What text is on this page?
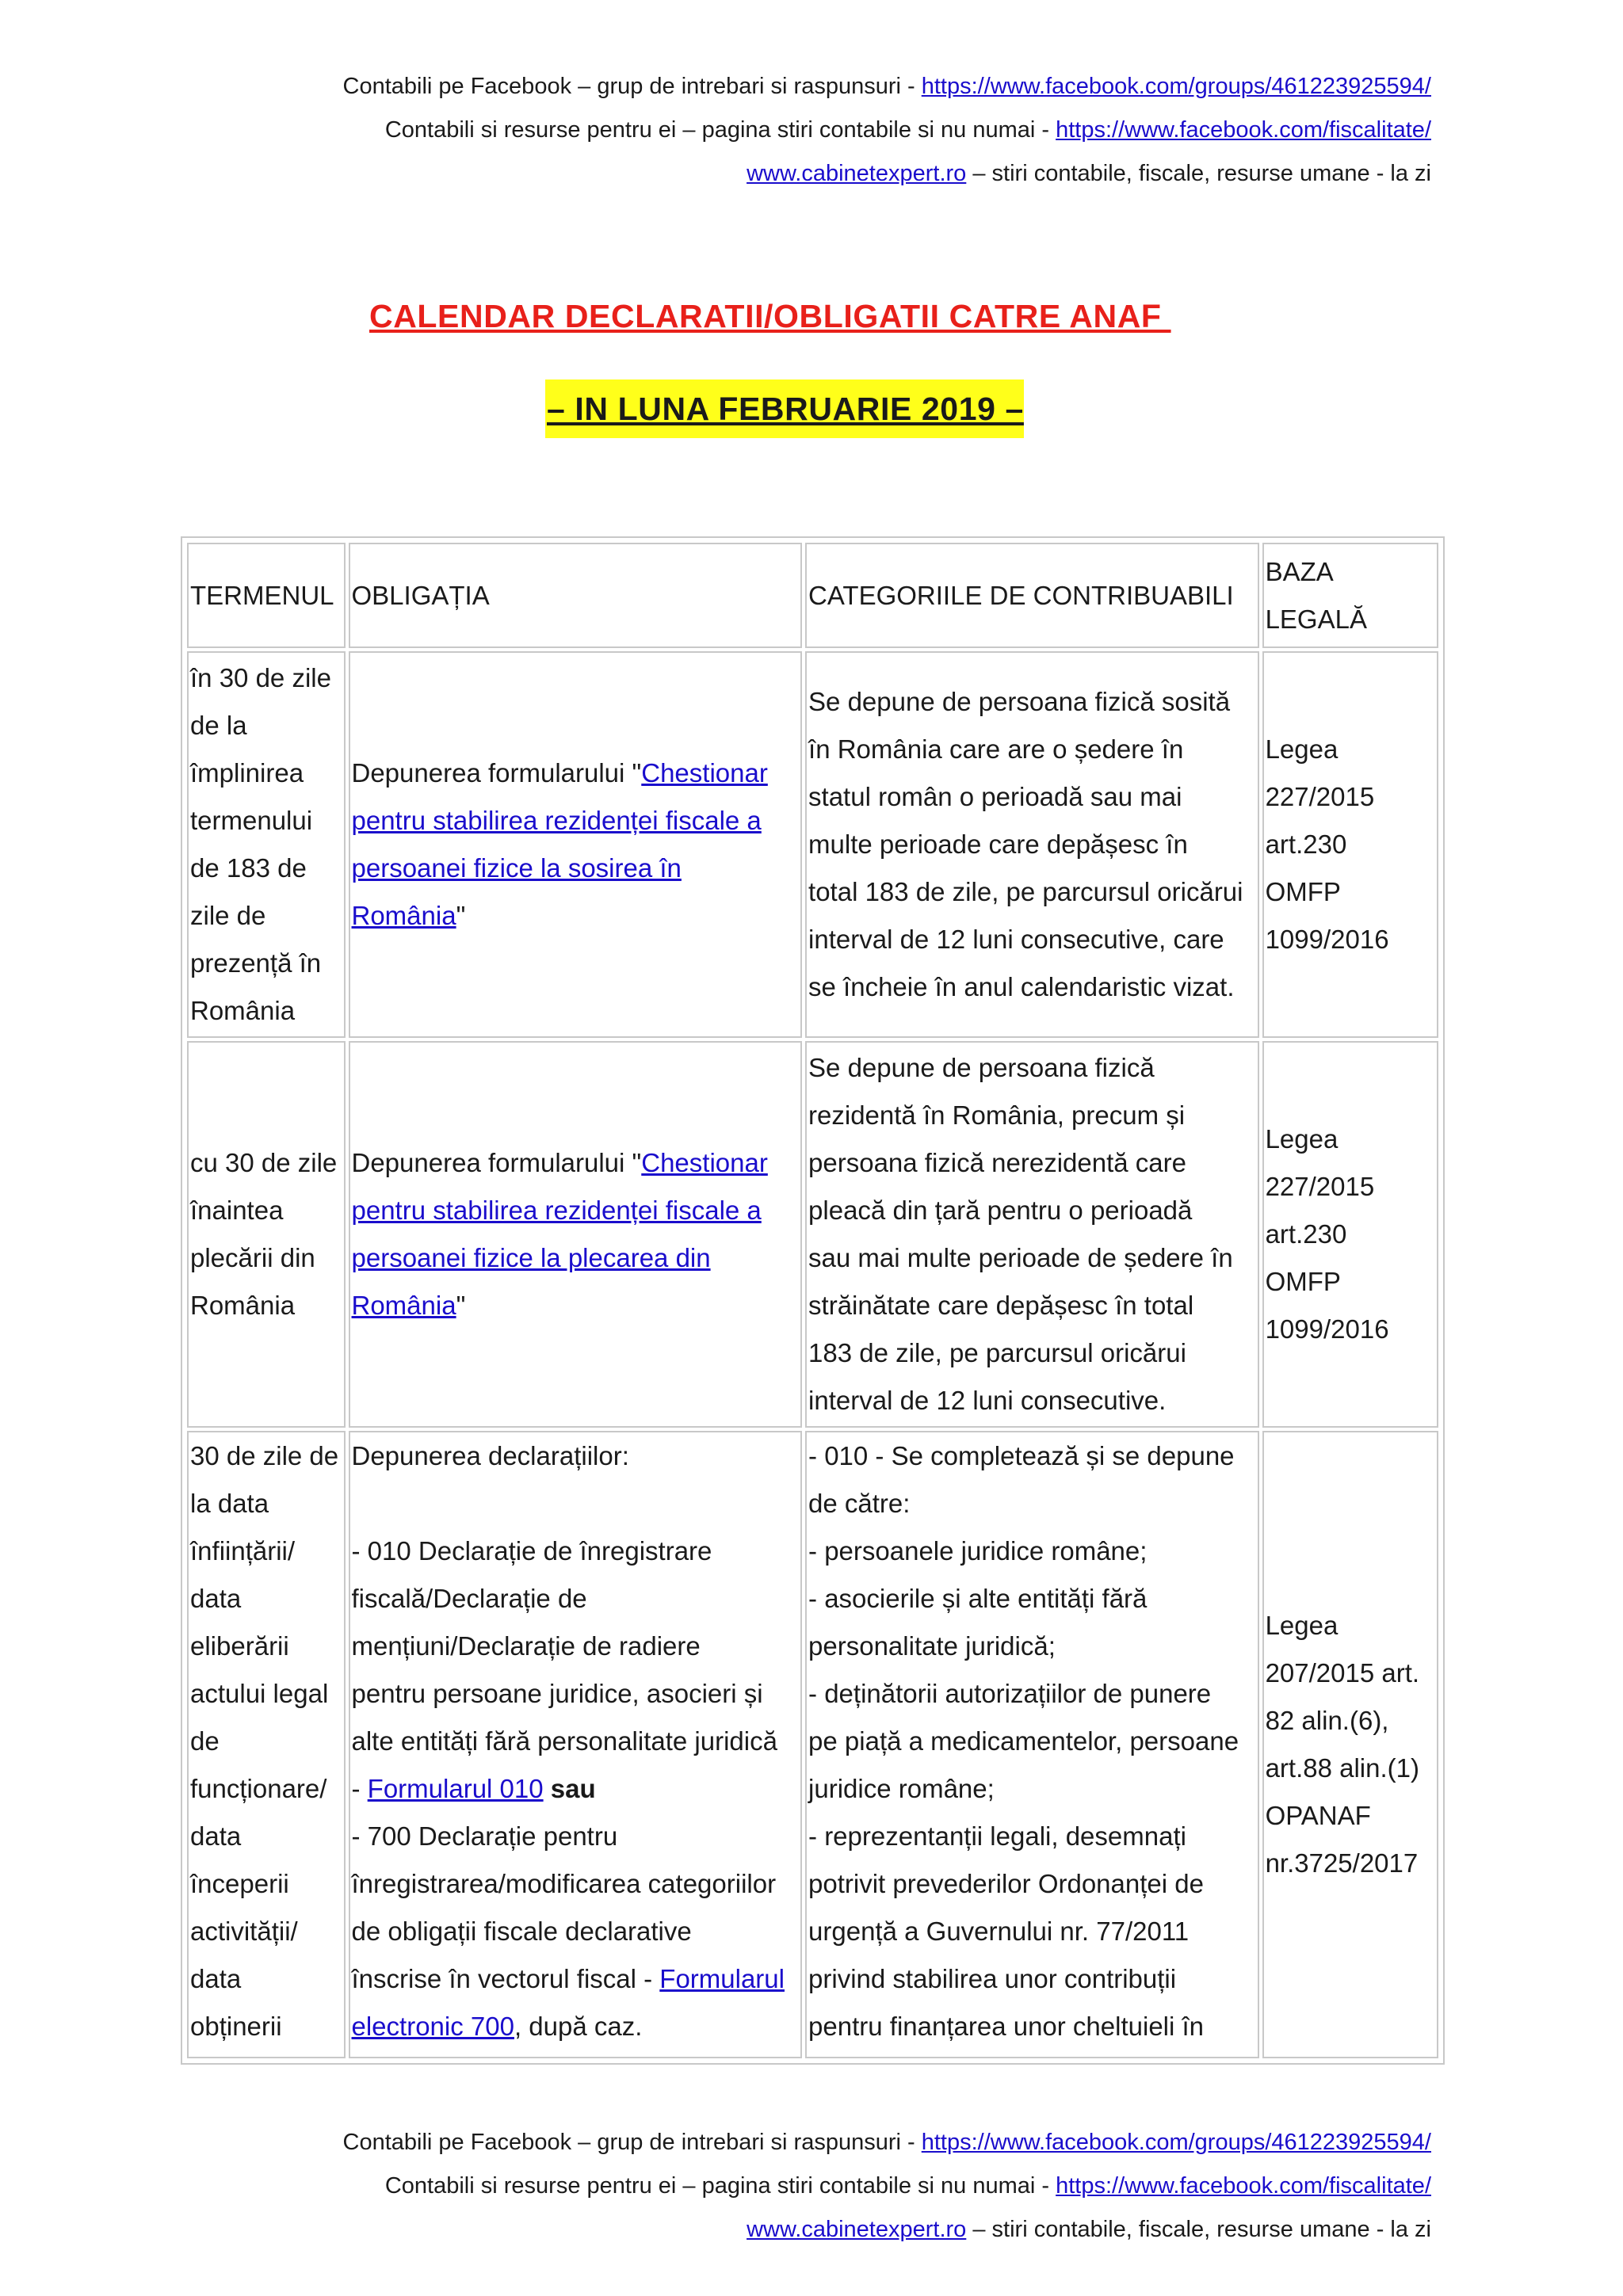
Contabili pe Facebook – grup de intrebari si raspunsuri - https://www.facebook.com/groups/461223925594/
Contabili si resurse pentru ei – pagina stiri contabile si nu numai - https://www.facebook.com/fiscalitate/
www.cabinetexpert.ro – stiri contabile, fiscale, resurse umane - la zi
CALENDAR DECLARATII/OBLIGATII CATRE ANAF
– IN LUNA FEBRUARIE 2019 –
TERMENUL OBLIGAȚIA	CATEGORIILE DE CONTRIBUABILI
BAZA
LEGALĂ
în 30 de zile
de la
împlinirea
termenului
de 183 de
zile de
prezență în
România
Depunerea formularului "Chestionar
pentru stabilirea rezidenței fiscale a
persoanei fizice la sosirea în
România"
Se depune de persoana fizică sosită
în România care are o ședere în
statul român o perioadă sau mai
multe perioade care depășesc în
total 183 de zile, pe parcursul oricărui
interval de 12 luni consecutive, care
se încheie în anul calendaristic vizat.
Legea
227/2015
art.230
OMFP
1099/2016
cu 30 de zile
înaintea
plecării din
România
Depunerea formularului "Chestionar
pentru stabilirea rezidenței fiscale a
persoanei fizice la plecarea din
România"
Se depune de persoana fizică
rezidentă în România, precum și
persoana fizică nerezidentă care
pleacă din țară pentru o perioadă
sau mai multe perioade de ședere în
străinătate care depășesc în total
183 de zile, pe parcursul oricărui
interval de 12 luni consecutive.
Legea
227/2015
art.230
OMFP
1099/2016
30 de zile de
la data
înființării/
data
eliberării
actului legal
de
funcționare/
data
începerii
activității/
data
obținerii
Depunerea declarațiilor:

- 010 Declarație de înregistrare
fiscală/Declarație de
mențiuni/Declarație de radiere
pentru persoane juridice, asocieri și
alte entități fără personalitate juridică
- Formularul 010 sau
- 700 Declarație pentru
înregistrarea/modificarea categoriilor
de obligații fiscale declarative
înscrise în vectorul fiscal - Formularul
electronic 700, după caz.
- 010 - Se completează și se depune
de către:
- persoanele juridice române;
- asocierile și alte entități fără
personalitate juridică;
- deținătorii autorizațiilor de punere
pe piață a medicamentelor, persoane
juridice române;
- reprezentanții legali, desemnați
potrivit prevederilor Ordonanței de
urgență a Guvernului nr. 77/2011
privind stabilirea unor contribuții
pentru finanțarea unor cheltuieli în
Legea
207/2015 art.
82 alin.(6),
art.88 alin.(1)
OPANAF
nr.3725/2017
Contabili pe Facebook – grup de intrebari si raspunsuri - https://www.facebook.com/groups/461223925594/
Contabili si resurse pentru ei – pagina stiri contabile si nu numai - https://www.facebook.com/fiscalitate/
www.cabinetexpert.ro – stiri contabile, fiscale, resurse umane - la zi
